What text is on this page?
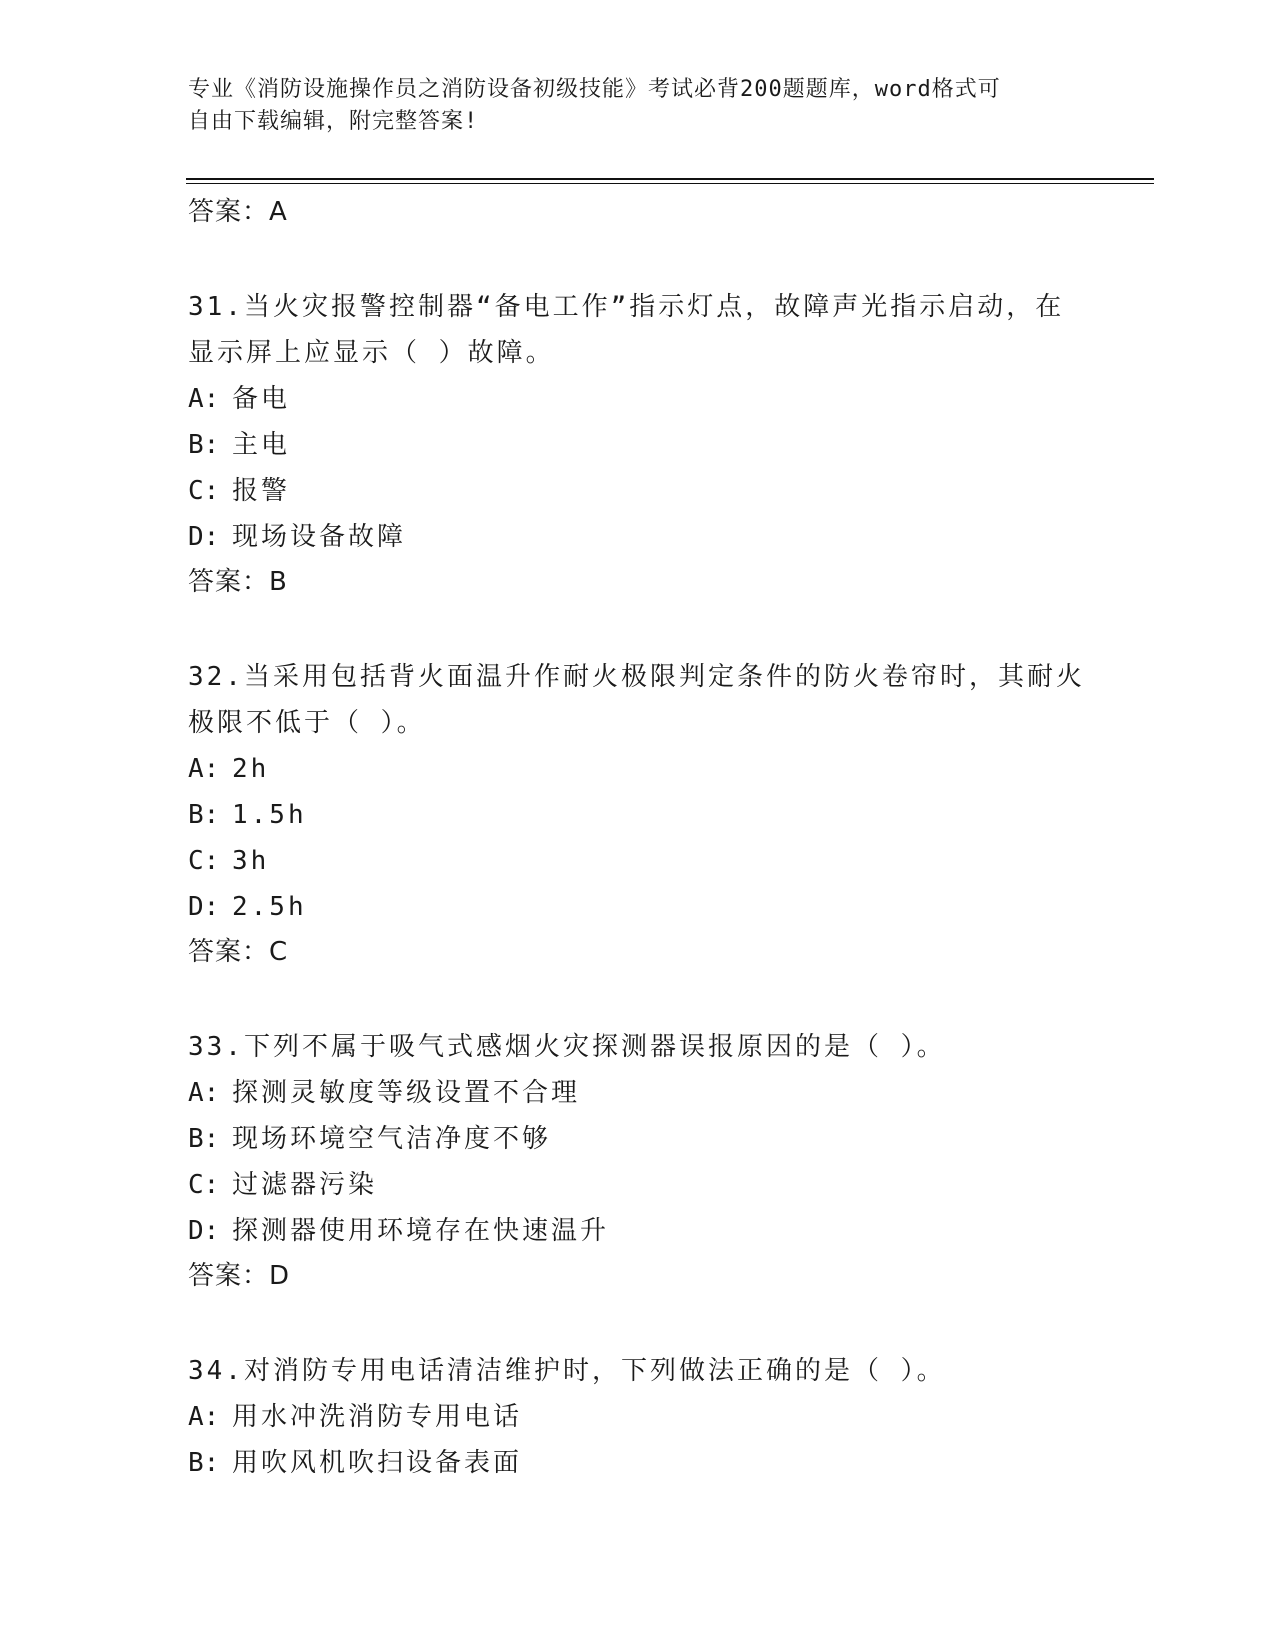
专业《消防设施操作员之消防设备初级技能》考试必背200题题库，word格式可
自由下载编辑，附完整答案!
答案：A
31.当火灾报警控制器“备电工作”指示灯点，故障声光指示启动，在
显示屏上应显示（ ）故障。
A: 备电
B: 主电
C: 报警
D: 现场设备故障
答案：B
32.当采用包括背火面温升作耐火极限判定条件的防火卷帘时，其耐火
极限不低于（ ）。
A: 2h
B: 1.5h
C: 3h
D: 2.5h
答案：C
33.下列不属于吸气式感烟火灾探测器误报原因的是（ ）。
A: 探测灵敏度等级设置不合理
B: 现场环境空气洁净度不够
C: 过滤器污染
D: 探测器使用环境存在快速温升
答案：D
34.对消防专用电话清洁维护时，下列做法正确的是（ ）。
A: 用水冲洗消防专用电话
B: 用吹风机吹扫设备表面
